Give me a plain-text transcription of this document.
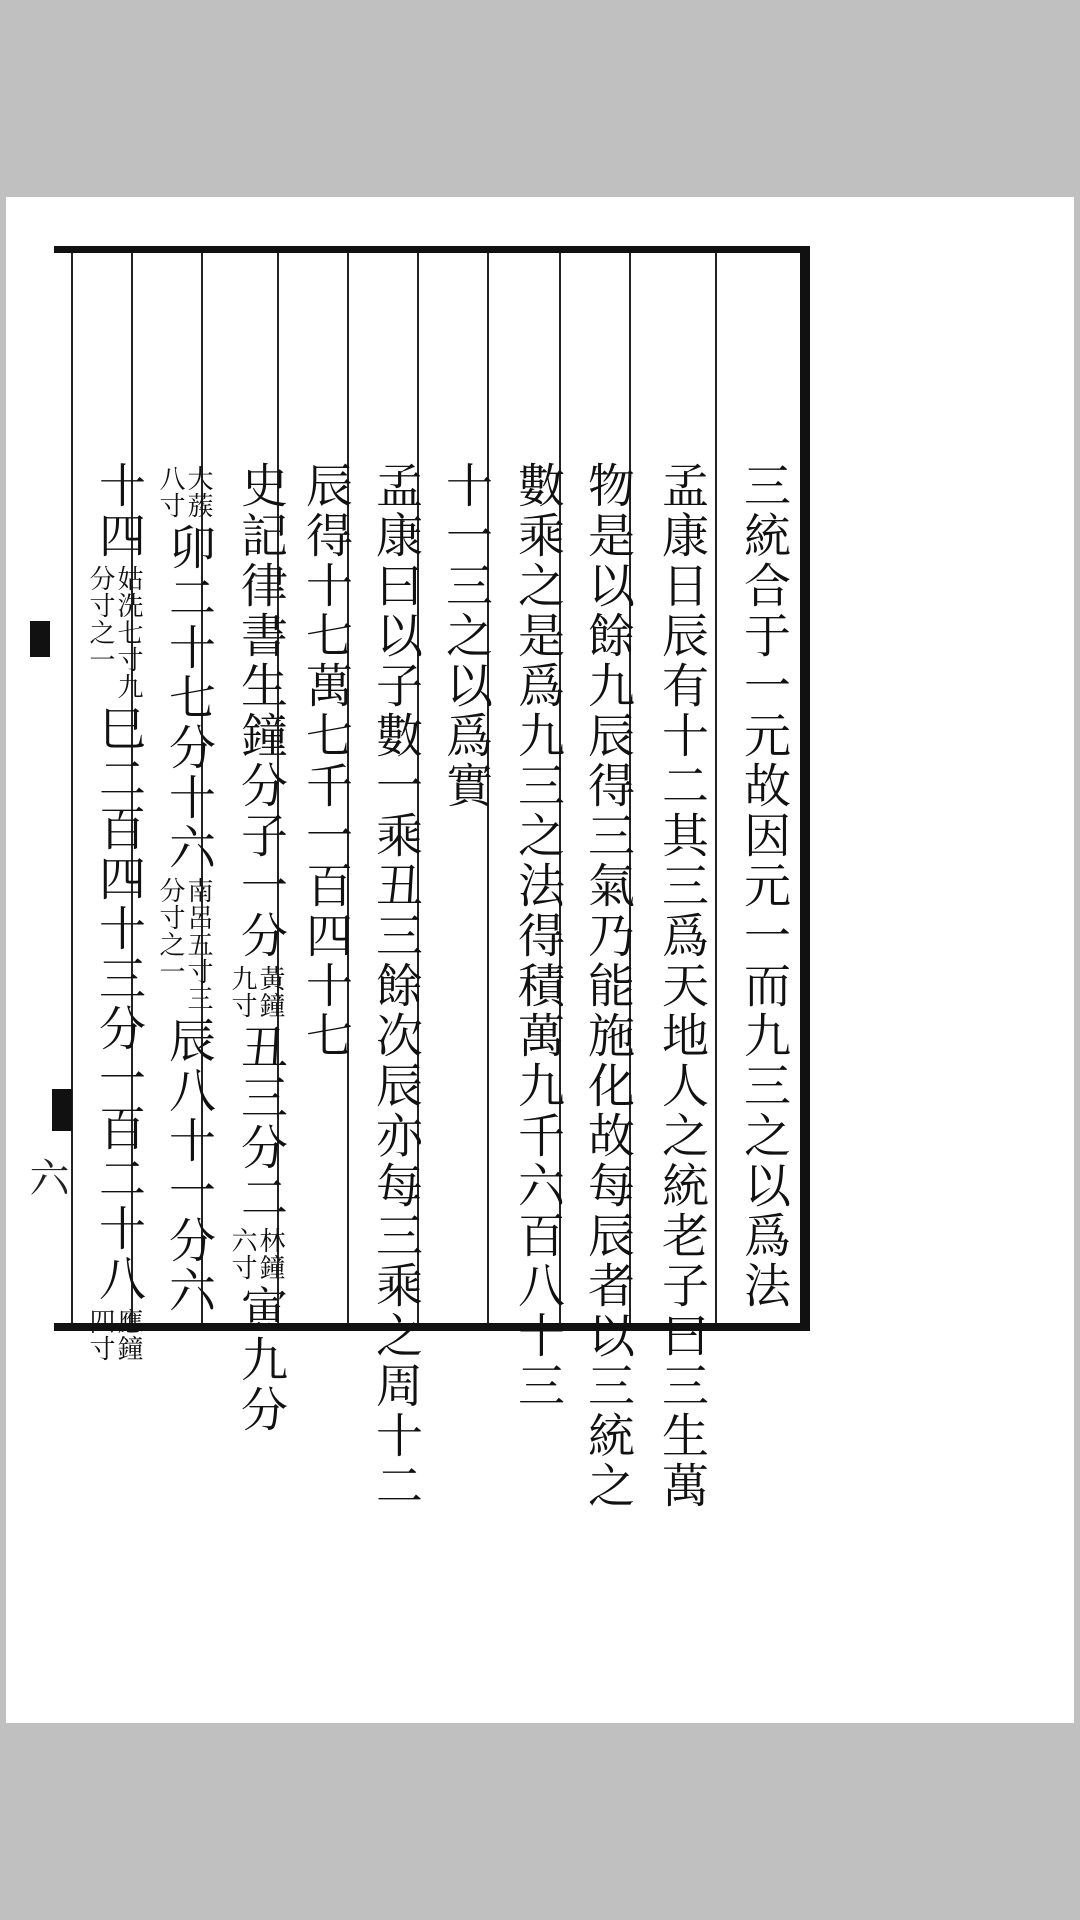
三統合于一元故因元一而九三之以爲法
孟康日辰有十二其三爲天地人之統老子曰三生萬
物是以餘九辰得三氣乃能施化故每辰者以三統之
數乘之是爲九三之法得積萬九千六百八十三
十一三之以爲實
孟康曰以子數一乘丑三餘次辰亦每三乘之周十二
辰得十七萬七千一百四十七
史記律書生鐘分子一分
黃鐘
九寸
丑三分二
林鐘
六寸
寅九分
大蔟
八寸
卯二十七分十六
南呂五寸三
分寸之一
辰八十一分六
十四
姑洗七寸九
分寸之一
巳二百四十三分一百二十八
應鐘
四寸
六
